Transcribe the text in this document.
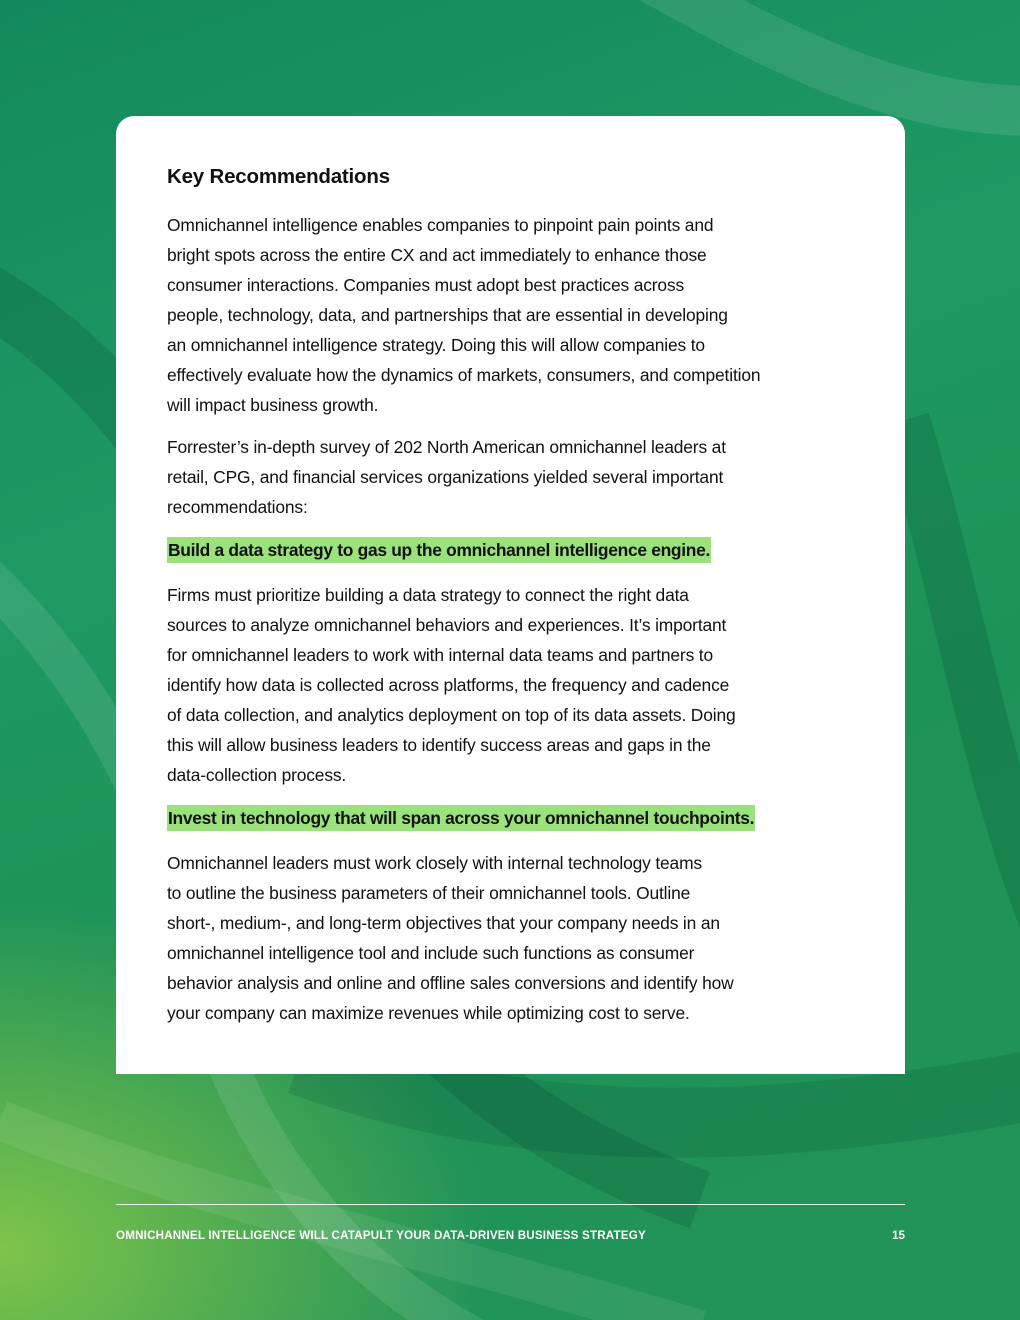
Key Recommendations

Omnichannel intelligence enables companies to pinpoint pain points and
bright spots across the entire CX and act immediately to enhance those
consumer interactions. Companies must adopt best practices across
people, technology, data, and partnerships that are essential in developing
an omnichannel intelligence strategy. Doing this will allow companies to
effectively evaluate how the dynamics of markets, consumers, and competition
will impact business growth.

Forrester’s in-depth survey of 202 North American omnichannel leaders at
retail, CPG, and financial services organizations yielded several important
recommendations:

Build a data strategy to gas up the omnichannel intelligence engine.

Firms must prioritize building a data strategy to connect the right data
sources to analyze omnichannel behaviors and experiences. It’s important
for omnichannel leaders to work with internal data teams and partners to
identify how data is collected across platforms, the frequency and cadence
of data collection, and analytics deployment on top of its data assets. Doing
this will allow business leaders to identify success areas and gaps in the
data-collection process.

Invest in technology that will span across your omnichannel touchpoints.

Omnichannel leaders must work closely with internal technology teams
to outline the business parameters of their omnichannel tools. Outline
short-, medium-, and long-term objectives that your company needs in an
omnichannel intelligence tool and include such functions as consumer
behavior analysis and online and offline sales conversions and identify how
your company can maximize revenues while optimizing cost to serve.

OMNICHANNEL INTELLIGENCE WILL CATAPULT YOUR DATA-DRIVEN BUSINESS STRATEGY	15
